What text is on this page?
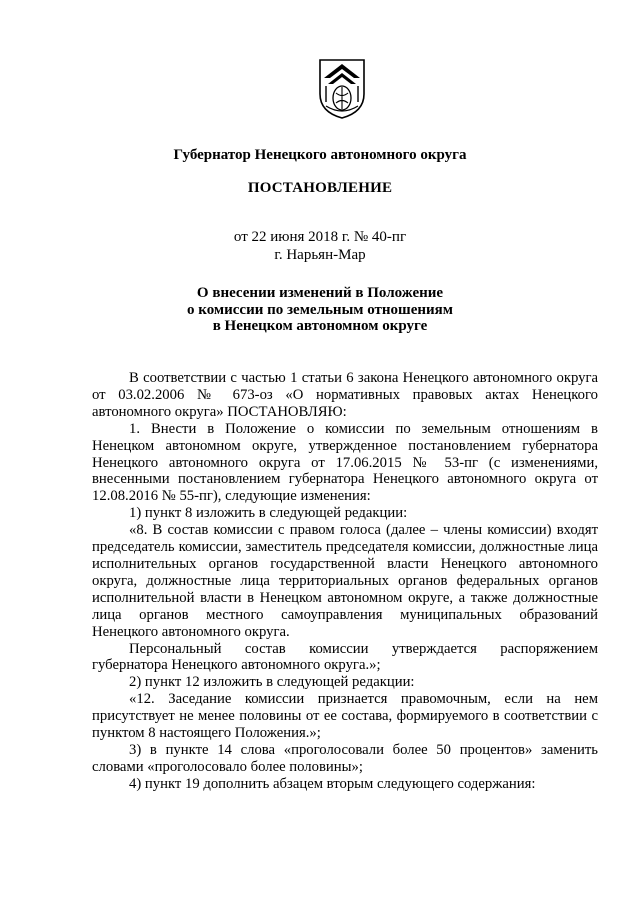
Губернатор Ненецкого автономного округа
ПОСТАНОВЛЕНИЕ
от 22 июня 2018 г. № 40-пг
г. Нарьян-Мар
О внесении изменений в Положение
о комиссии по земельным отношениям
в Ненецком автономном округе

В соответствии с частью 1 статьи 6 закона Ненецкого автономного округа от 03.02.2006 № 673-оз «О нормативных правовых актах Ненецкого автономного округа» ПОСТАНОВЛЯЮ:

1. Внести в Положение о комиссии по земельным отношениям в Ненецком автономном округе, утвержденное постановлением губернатора Ненецкого автономного округа от 17.06.2015 № 53-пг (с изменениями, внесенными постановлением губернатора Ненецкого автономного округа от 12.08.2016 № 55-пг), следующие изменения:

1) пункт 8 изложить в следующей редакции:

«8. В состав комиссии с правом голоса (далее – члены комиссии) входят председатель комиссии, заместитель председателя комиссии, должностные лица исполнительных органов государственной власти Ненецкого автономного округа, должностные лица территориальных органов федеральных органов исполнительной власти в Ненецком автономном округе, а также должностные лица органов местного самоуправления муниципальных образований Ненецкого автономного округа.

Персональный состав комиссии утверждается распоряжением губернатора Ненецкого автономного округа.»;

2) пункт 12 изложить в следующей редакции:

«12. Заседание комиссии признается правомочным, если на нем присутствует не менее половины от ее состава, формируемого в соответствии с пунктом 8 настоящего Положения.»;

3) в пункте 14 слова «проголосовали более 50 процентов» заменить словами «проголосовало более половины»;

4) пункт 19 дополнить абзацем вторым следующего содержания:
